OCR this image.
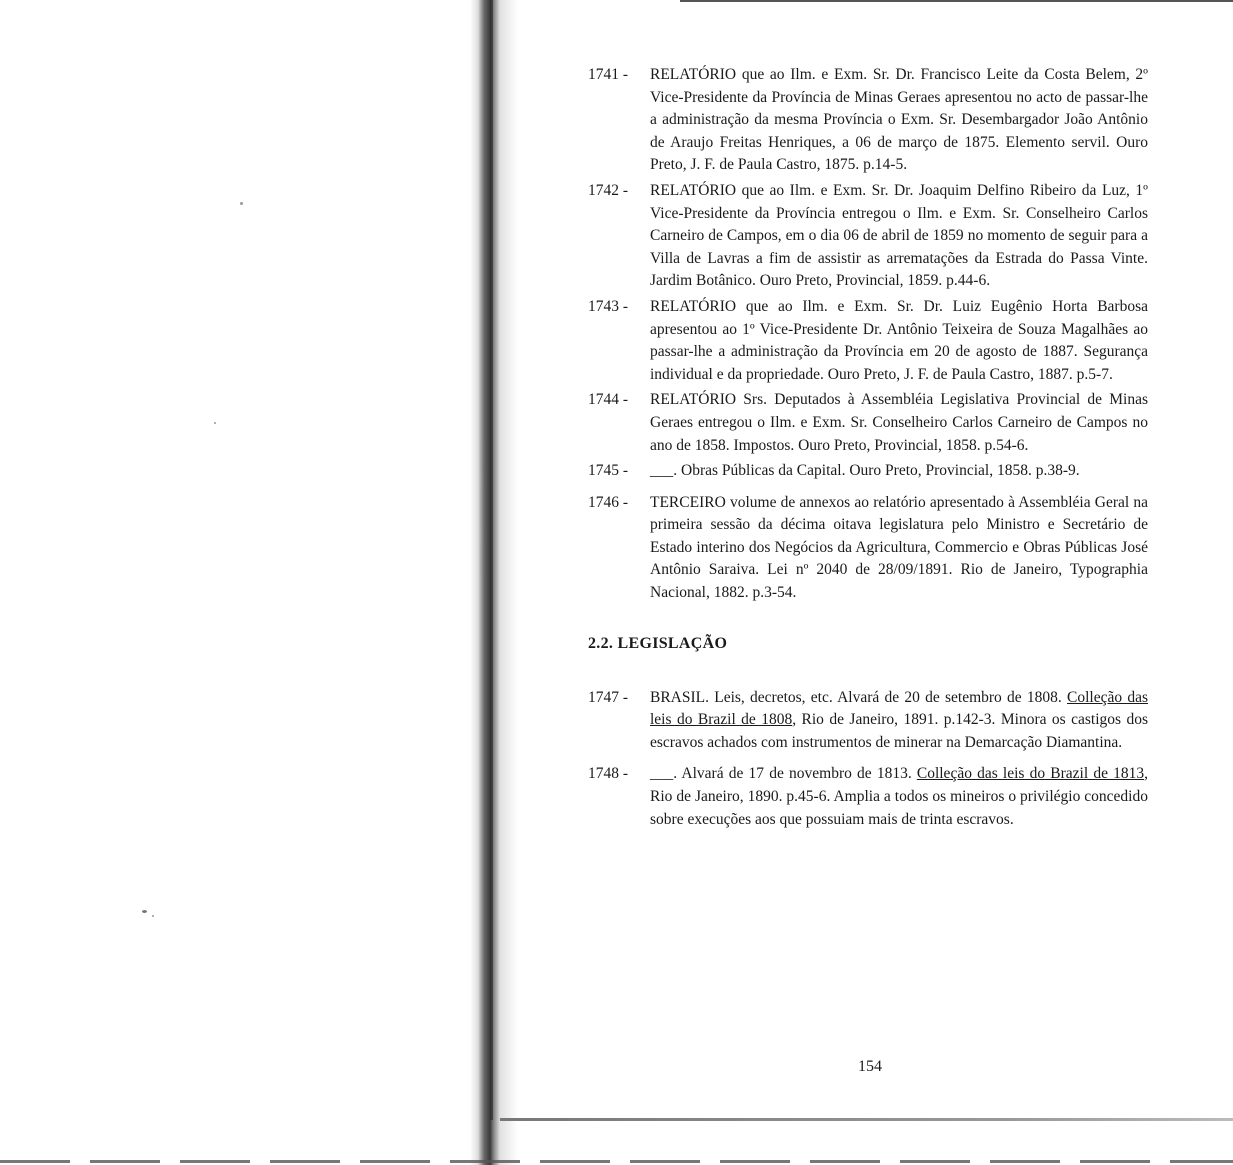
1741 - RELATÓRIO que ao Ilm. e Exm. Sr. Dr. Francisco Leite da Costa Belem, 2º Vice-Presidente da Província de Minas Geraes apresentou no acto de passar-lhe a administração da mesma Província o Exm. Sr. Desembargador João Antônio de Araujo Freitas Henriques, a 06 de março de 1875. Elemento servil. Ouro Preto, J. F. de Paula Castro, 1875. p.14-5.
1742 - RELATÓRIO que ao Ilm. e Exm. Sr. Dr. Joaquim Delfino Ribeiro da Luz, 1º Vice-Presidente da Província entregou o Ilm. e Exm. Sr. Conselheiro Carlos Carneiro de Campos, em o dia 06 de abril de 1859 no momento de seguir para a Villa de Lavras a fim de assistir as arrematações da Estrada do Passa Vinte. Jardim Botânico. Ouro Preto, Provincial, 1859. p.44-6.
1743 - RELATÓRIO que ao Ilm. e Exm. Sr. Dr. Luiz Eugênio Horta Barbosa apresentou ao 1º Vice-Presidente Dr. Antônio Teixeira de Souza Magalhães ao passar-lhe a administração da Província em 20 de agosto de 1887. Segurança individual e da propriedade. Ouro Preto, J. F. de Paula Castro, 1887. p.5-7.
1744 - RELATÓRIO Srs. Deputados à Assembléia Legislativa Provincial de Minas Geraes entregou o Ilm. e Exm. Sr. Conselheiro Carlos Carneiro de Campos no ano de 1858. Impostos. Ouro Preto, Provincial, 1858. p.54-6.
1745 - ___. Obras Públicas da Capital. Ouro Preto, Provincial, 1858. p.38-9.
1746 - TERCEIRO volume de annexos ao relatório apresentado à Assembléia Geral na primeira sessão da décima oitava legislatura pelo Ministro e Secretário de Estado interino dos Negócios da Agricultura, Commercio e Obras Públicas José Antônio Saraiva. Lei nº 2040 de 28/09/1891. Rio de Janeiro, Typographia Nacional, 1882. p.3-54.
2.2. LEGISLAÇÃO
1747 - BRASIL. Leis, decretos, etc. Alvará de 20 de setembro de 1808. Colleção das leis do Brazil de 1808, Rio de Janeiro, 1891. p.142-3. Minora os castigos dos escravos achados com instrumentos de minerar na Demarcação Diamantina.
1748 - ___. Alvará de 17 de novembro de 1813. Colleção das leis do Brazil de 1813, Rio de Janeiro, 1890. p.45-6. Amplia a todos os mineiros o privilégio concedido sobre execuções aos que possuiam mais de trinta escravos.
154
